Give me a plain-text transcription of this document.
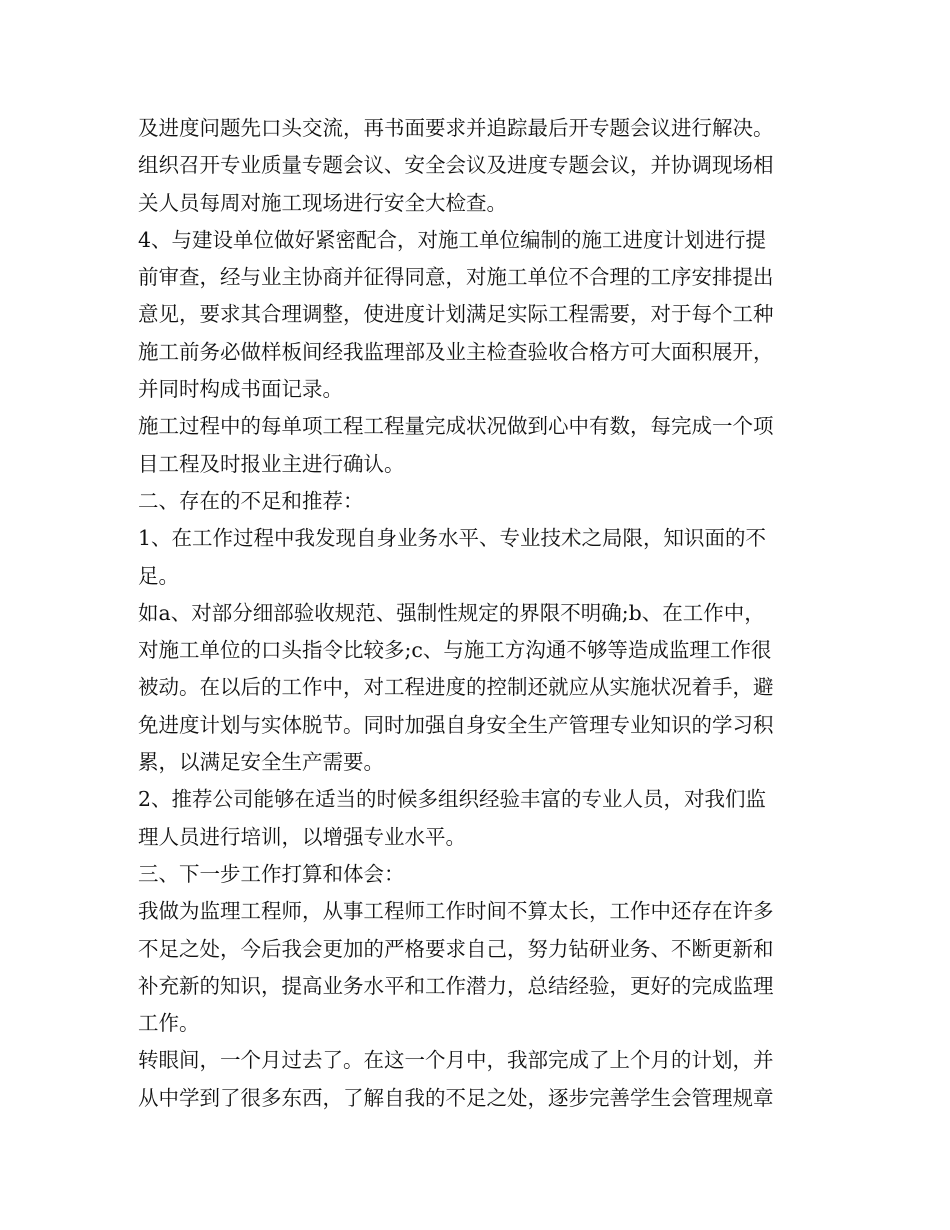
及进度问题先口头交流，再书面要求并追踪最后开专题会议进行解决。
组织召开专业质量专题会议、安全会议及进度专题会议，并协调现场相
关人员每周对施工现场进行安全大检查。
4、与建设单位做好紧密配合，对施工单位编制的施工进度计划进行提
前审查，经与业主协商并征得同意，对施工单位不合理的工序安排提出
意见，要求其合理调整，使进度计划满足实际工程需要，对于每个工种
施工前务必做样板间经我监理部及业主检查验收合格方可大面积展开，
并同时构成书面记录。
施工过程中的每单项工程工程量完成状况做到心中有数，每完成一个项
目工程及时报业主进行确认。
二、存在的不足和推荐：
1、在工作过程中我发现自身业务水平、专业技术之局限，知识面的不
足。
如a、对部分细部验收规范、强制性规定的界限不明确;b、在工作中，
对施工单位的口头指令比较多;c、与施工方沟通不够等造成监理工作很
被动。在以后的工作中，对工程进度的控制还就应从实施状况着手，避
免进度计划与实体脱节。同时加强自身安全生产管理专业知识的学习积
累，以满足安全生产需要。
2、推荐公司能够在适当的时候多组织经验丰富的专业人员，对我们监
理人员进行培训，以增强专业水平。
三、下一步工作打算和体会：
我做为监理工程师，从事工程师工作时间不算太长，工作中还存在许多
不足之处，今后我会更加的严格要求自己，努力钻研业务、不断更新和
补充新的知识，提高业务水平和工作潜力，总结经验，更好的完成监理
工作。
转眼间，一个月过去了。在这一个月中，我部完成了上个月的计划，并
从中学到了很多东西，了解自我的不足之处，逐步完善学生会管理规章
